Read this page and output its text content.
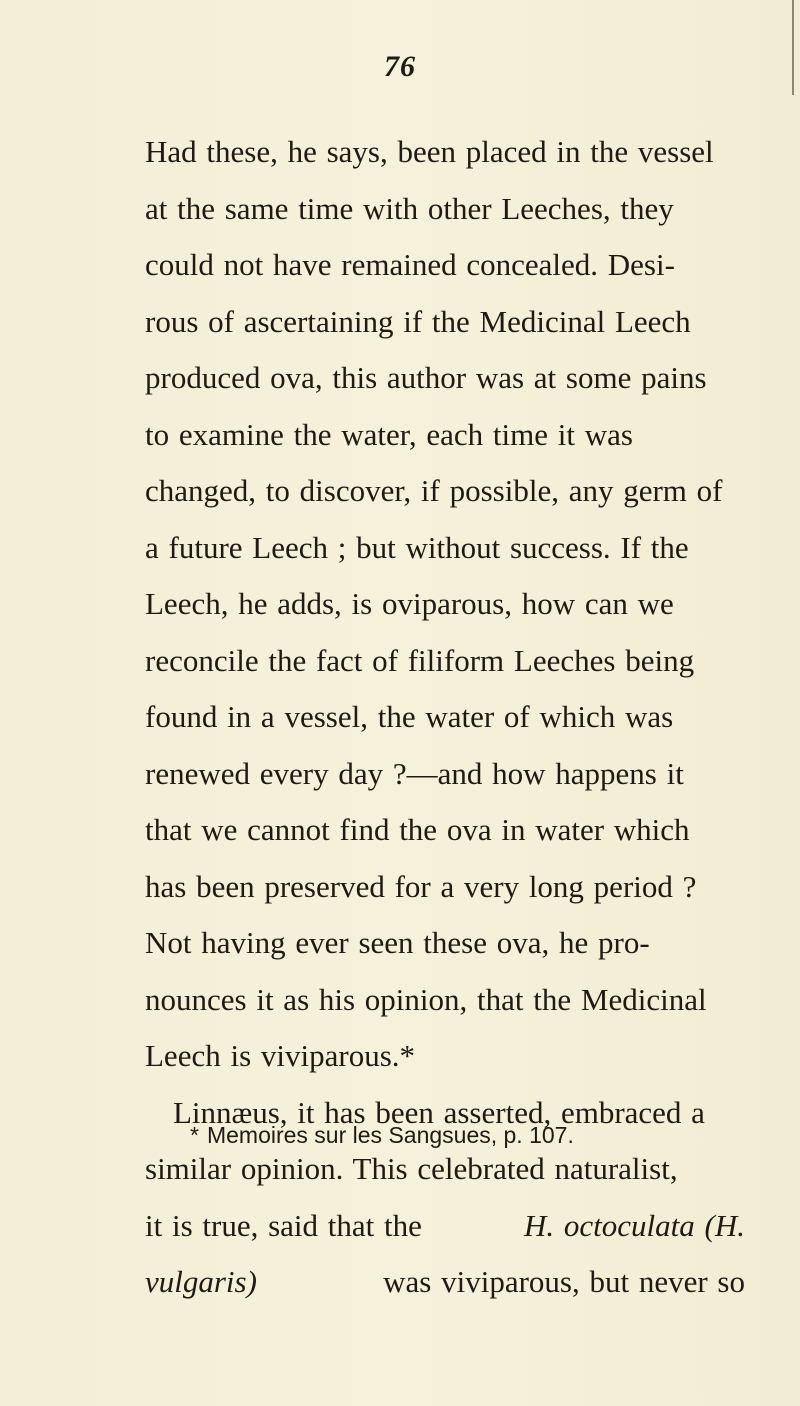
76
Had these, he says, been placed in the vessel
at the same time with other Leeches, they
could not have remained concealed. Desi-
rous of ascertaining if the Medicinal Leech
produced ova, this author was at some pains
to examine the water, each time it was
changed, to discover, if possible, any germ of
a future Leech ; but without success. If the
Leech, he adds, is oviparous, how can we
reconcile the fact of filiform Leeches being
found in a vessel, the water of which was
renewed every day ?—and how happens it
that we cannot find the ova in water which
has been preserved for a very long period ?
Not having ever seen these ova, he pro-
nounces it as his opinion, that the Medicinal
Leech is viviparous.*
Linnæus, it has been asserted, embraced a
similar opinion. This celebrated naturalist,
it is true, said that the	H. octoculata (H.
vulgaris)	was viviparous, but never so
* Memoires sur les Sangsues, p. 107.
